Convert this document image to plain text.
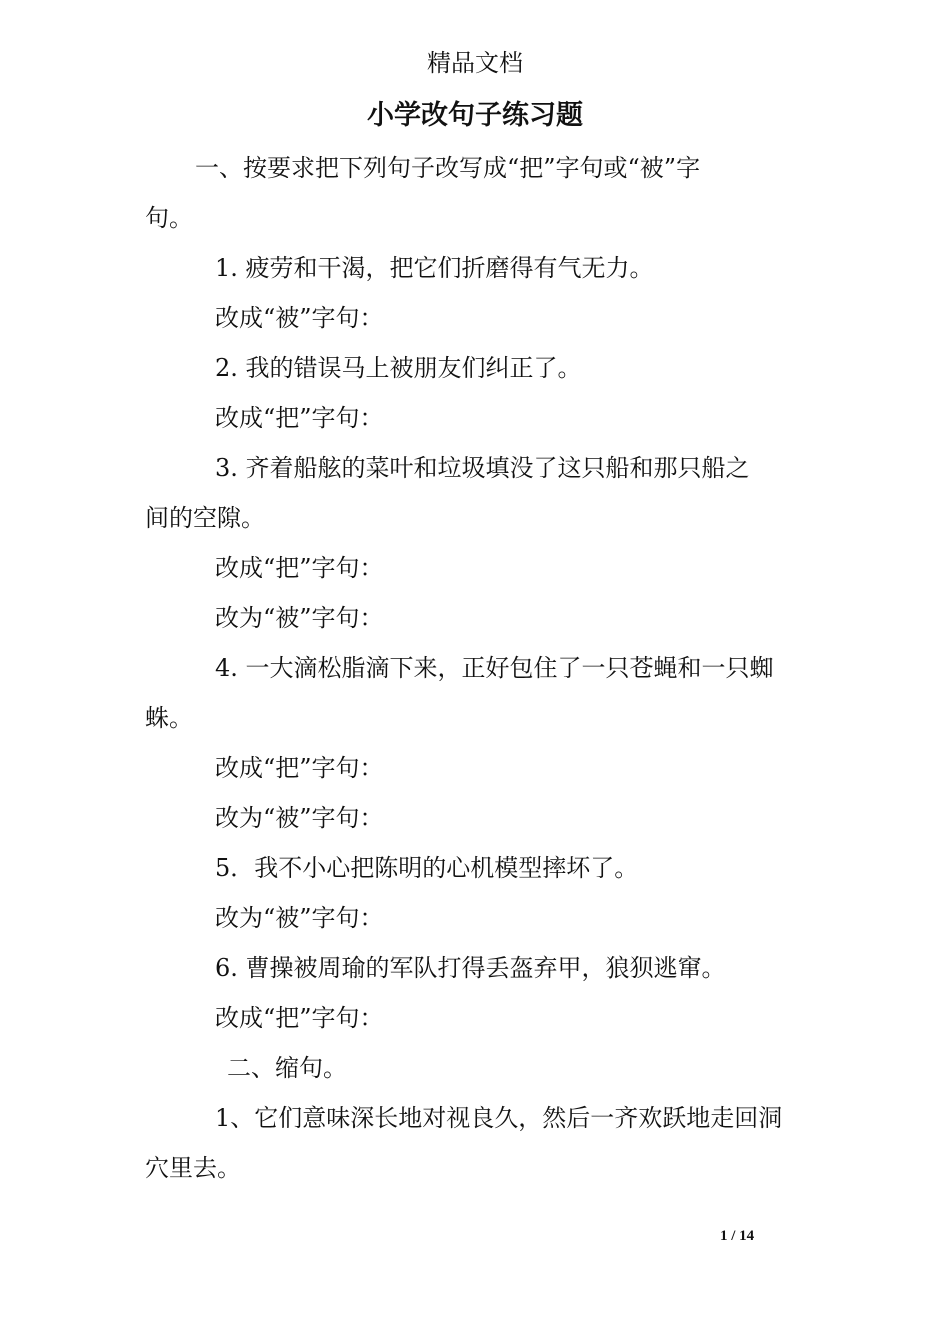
精品文档
小学改句子练习题
一、按要求把下列句子改写成“把”字句或“被”字
句。
1. 疲劳和干渴，把它们折磨得有气无力。
改成“被”字句：
2. 我的错误马上被朋友们纠正了。
改成“把”字句：
3. 齐着船舷的菜叶和垃圾填没了这只船和那只船之
间的空隙。
改成“把”字句：
改为“被”字句：
4. 一大滴松脂滴下来，正好包住了一只苍蝇和一只蜘
蛛。
改成“把”字句：
改为“被”字句：
5．我不小心把陈明的心机模型摔坏了。
改为“被”字句：
6. 曹操被周瑜的军队打得丢盔弃甲，狼狈逃窜。
改成“把”字句：
二、缩句。
1、它们意味深长地对视良久，然后一齐欢跃地走回洞
穴里去。
1 / 14
